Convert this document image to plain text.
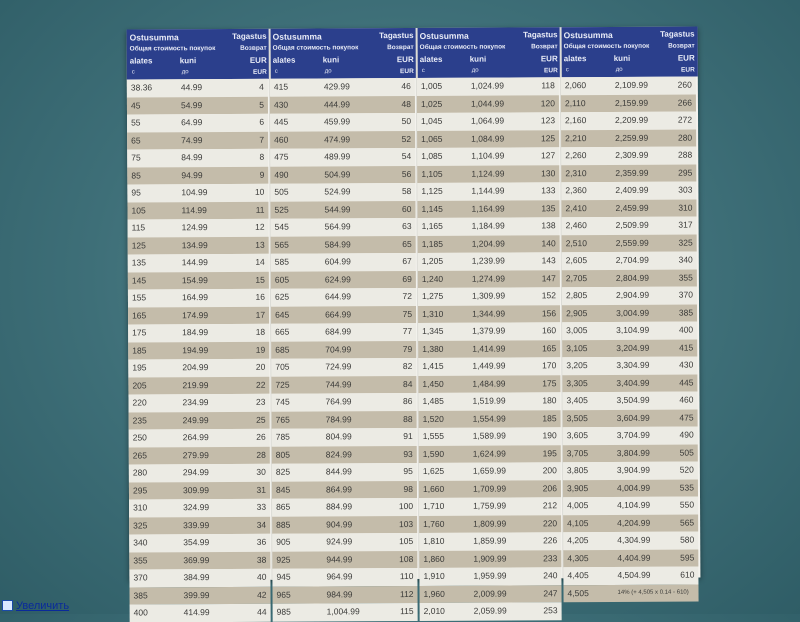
Ostusumma
Общая стоимость покупок
alates	kuni
с	до
Tagastus
Возврат
EUR
EUR
Ostusumma
Общая стоимость покупок
alates	kuni
с	до
Tagastus
Возврат
EUR
EUR
Ostusumma
Общая стоимость покупок
alates	kuni
с	до
Tagastus
Возврат
EUR
EUR
Ostusumma
Общая стоимость покупок
alates	kuni
с	до
Tagastus
Возврат
EUR
EUR
38.36	44.99	4
45	54.99	5
55	64.99	6
65	74.99	7
75	84.99	8
85	94.99	9
95	104.99	10
105	114.99	11
115	124.99	12
125	134.99	13
135	144.99	14
145	154.99	15
155	164.99	16
165	174.99	17
175	184.99	18
185	194.99	19
195	204.99	20
205	219.99	22
220	234.99	23
235	249.99	25
250	264.99	26
265	279.99	28
280	294.99	30
295	309.99	31
310	324.99	33
325	339.99	34
340	354.99	36
355	369.99	38
370	384.99	40
385	399.99	42
400	414.99	44
415	429.99	46
430	444.99	48
445	459.99	50
460	474.99	52
475	489.99	54
490	504.99	56
505	524.99	58
525	544.99	60
545	564.99	63
565	584.99	65
585	604.99	67
605	624.99	69
625	644.99	72
645	664.99	75
665	684.99	77
685	704.99	79
705	724.99	82
725	744.99	84
745	764.99	86
765	784.99	88
785	804.99	91
805	824.99	93
825	844.99	95
845	864.99	98
865	884.99	100
885	904.99	103
905	924.99	105
925	944.99	108
945	964.99	110
965	984.99	112
985	1,004.99	115
1,005	1,024.99	118
1,025	1,044.99	120
1,045	1,064.99	123
1,065	1,084.99	125
1,085	1,104.99	127
1,105	1,124.99	130
1,125	1,144.99	133
1,145	1,164.99	135
1,165	1,184.99	138
1,185	1,204.99	140
1,205	1,239.99	143
1,240	1,274.99	147
1,275	1,309.99	152
1,310	1,344.99	156
1,345	1,379.99	160
1,380	1,414.99	165
1,415	1,449.99	170
1,450	1,484.99	175
1,485	1,519.99	180
1,520	1,554.99	185
1,555	1,589.99	190
1,590	1,624.99	195
1,625	1,659.99	200
1,660	1,709.99	206
1,710	1,759.99	212
1,760	1,809.99	220
1,810	1,859.99	226
1,860	1,909.99	233
1,910	1,959.99	240
1,960	2,009.99	247
2,010	2,059.99	253
2,060	2,109.99	260
2,110	2,159.99	266
2,160	2,209.99	272
2,210	2,259.99	280
2,260	2,309.99	288
2,310	2,359.99	295
2,360	2,409.99	303
2,410	2,459.99	310
2,460	2,509.99	317
2,510	2,559.99	325
2,605	2,704.99	340
2,705	2,804.99	355
2,805	2,904.99	370
2,905	3,004.99	385
3,005	3,104.99	400
3,105	3,204.99	415
3,205	3,304.99	430
3,305	3,404.99	445
3,405	3,504.99	460
3,505	3,604.99	475
3,605	3,704.99	490
3,705	3,804.99	505
3,805	3,904.99	520
3,905	4,004.99	535
4,005	4,104.99	550
4,105	4,204.99	565
4,205	4,304.99	580
4,305	4,404.99	595
4,405	4,504.99	610
4,505	14% (+ 4,505 x 0.14 - 610)
Увеличить
